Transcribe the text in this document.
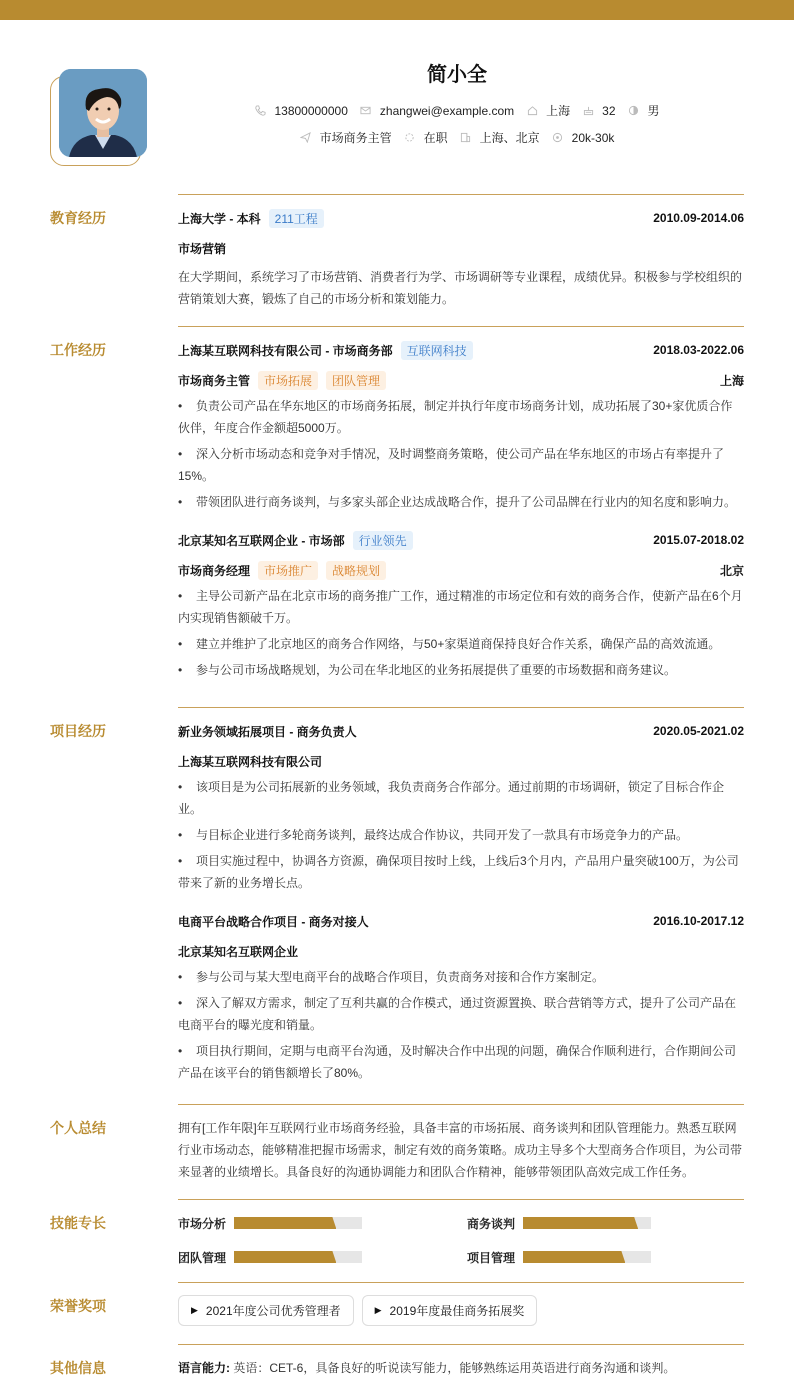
简小全
13800000000	zhangwei@example.com	上海	32	男
市场商务主管	在职	上海、北京	20k-30k
教育经历	上海大学 - 本科 211工程	2010.09-2014.06
市场营销
在大学期间，系统学习了市场营销、消费者行为学、市场调研等专业课程，成绩优异。积极参与学校组织的营销策划大赛，锻炼了自己的市场分析和策划能力。
工作经历	上海某互联网科技有限公司 - 市场商务部 互联网科技	2018.03-2022.06
市场商务主管 市场拓展 团队管理	上海
• 负责公司产品在华东地区的市场商务拓展，制定并执行年度市场商务计划，成功拓展了30+家优质合作伙伴，年度合作金额超5000万。
• 深入分析市场动态和竞争对手情况，及时调整商务策略，使公司产品在华东地区的市场占有率提升了15%。
• 带领团队进行商务谈判，与多家头部企业达成战略合作，提升了公司品牌在行业内的知名度和影响力。
北京某知名互联网企业 - 市场部 行业领先	2015.07-2018.02
市场商务经理 市场推广 战略规划	北京
• 主导公司新产品在北京市场的商务推广工作，通过精准的市场定位和有效的商务合作，使新产品在6个月内实现销售额破千万。
• 建立并维护了北京地区的商务合作网络，与50+家渠道商保持良好合作关系，确保产品的高效流通。
• 参与公司市场战略规划，为公司在华北地区的业务拓展提供了重要的市场数据和商务建议。
项目经历	新业务领域拓展项目 - 商务负责人	2020.05-2021.02
上海某互联网科技有限公司
• 该项目是为公司拓展新的业务领域，我负责商务合作部分。通过前期的市场调研，锁定了目标合作企业。
• 与目标企业进行多轮商务谈判，最终达成合作协议，共同开发了一款具有市场竞争力的产品。
• 项目实施过程中，协调各方资源，确保项目按时上线，上线后3个月内，产品用户量突破100万，为公司带来了新的业务增长点。
电商平台战略合作项目 - 商务对接人	2016.10-2017.12
北京某知名互联网企业
• 参与公司与某大型电商平台的战略合作项目，负责商务对接和合作方案制定。
• 深入了解双方需求，制定了互利共赢的合作模式，通过资源置换、联合营销等方式，提升了公司产品在电商平台的曝光度和销量。
• 项目执行期间，定期与电商平台沟通，及时解决合作中出现的问题，确保合作顺利进行，合作期间公司产品在该平台的销售额增长了80%。
个人总结	拥有[工作年限]年互联网行业市场商务经验，具备丰富的市场拓展、商务谈判和团队管理能力。熟悉互联网行业市场动态，能够精准把握市场需求，制定有效的商务策略。成功主导多个大型商务合作项目，为公司带来显著的业绩增长。具备良好的沟通协调能力和团队合作精神，能够带领团队高效完成工作任务。
技能专长	市场分析	商务谈判
团队管理	项目管理
荣誉奖项	▶ 2021年度公司优秀管理者	▶ 2019年度最佳商务拓展奖
其他信息	语言能力: 英语：CET-6，具备良好的听说读写能力，能够熟练运用英语进行商务沟通和谈判。
